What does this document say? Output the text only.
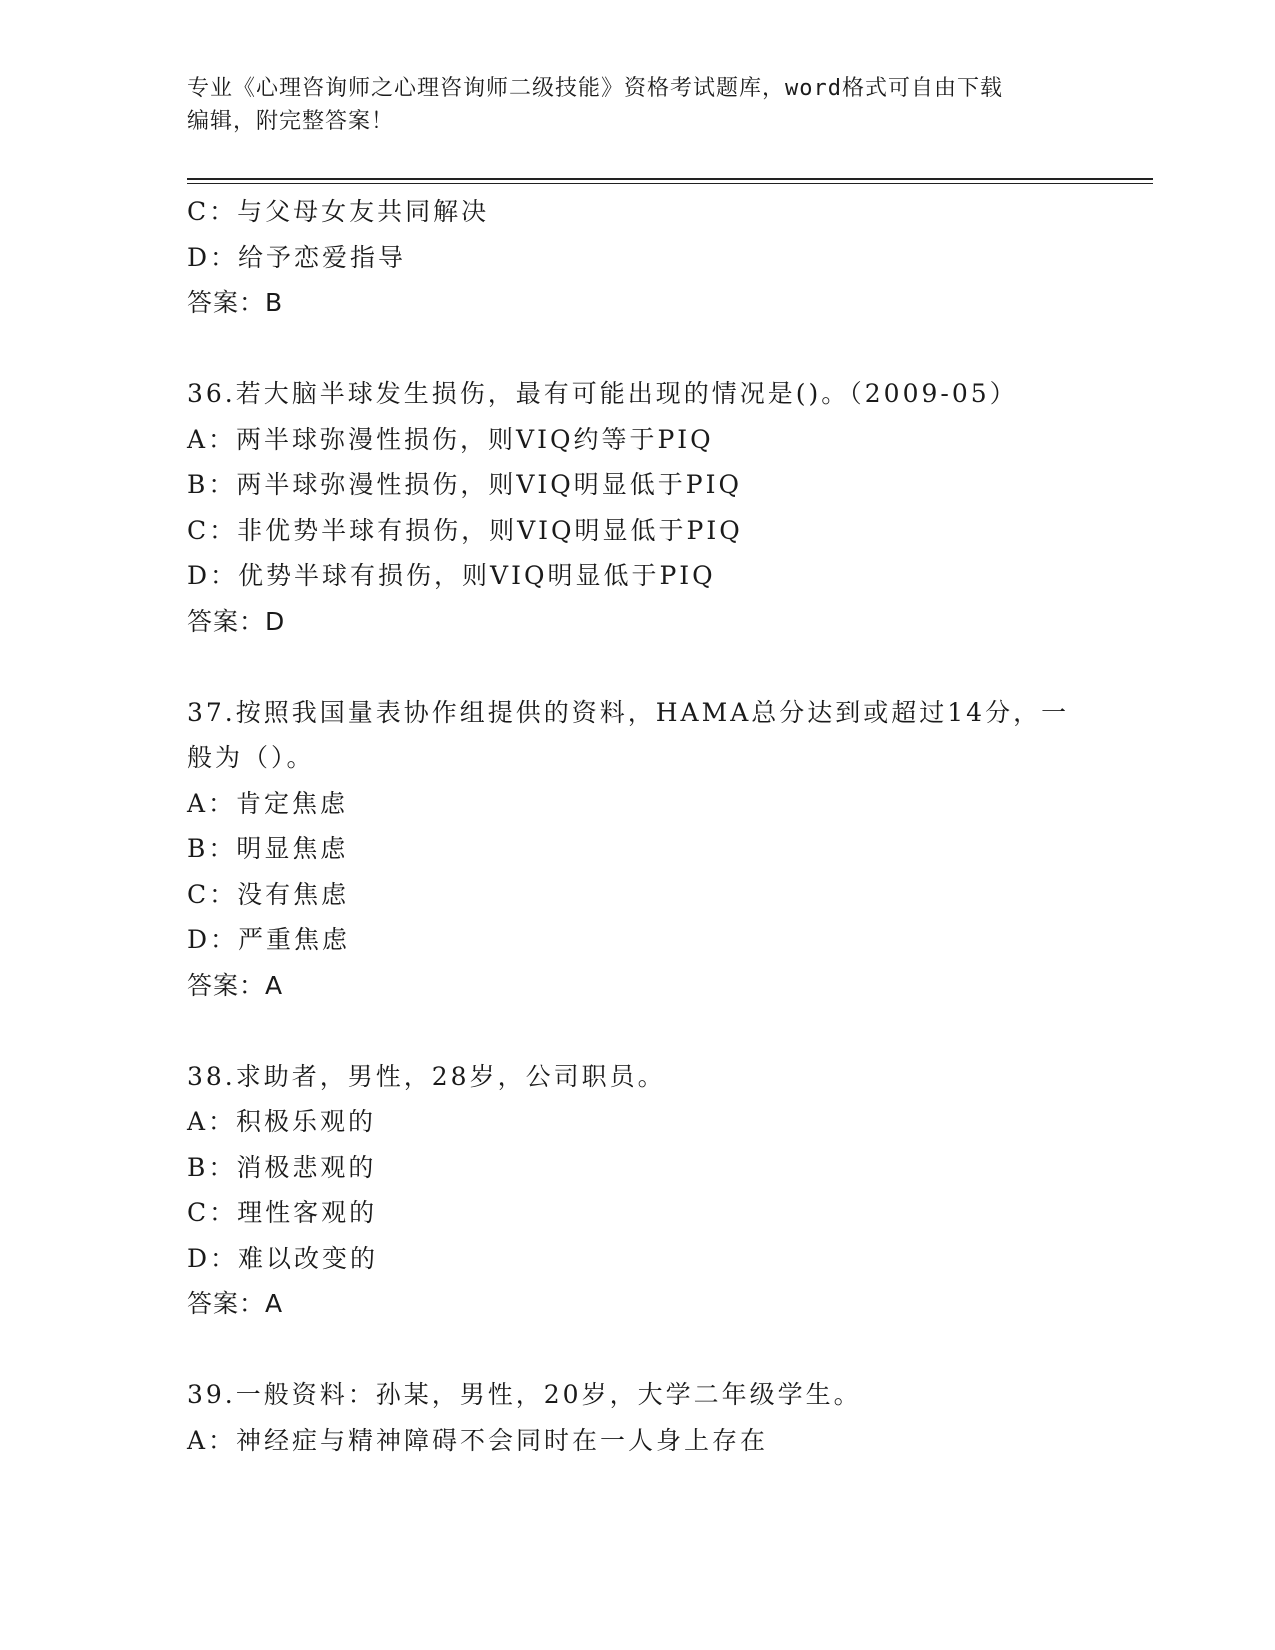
专业《心理咨询师之心理咨询师二级技能》资格考试题库，word格式可自由下载
编辑，附完整答案！
C：与父母女友共同解决
D：给予恋爱指导
答案：B
36.若大脑半球发生损伤，最有可能出现的情况是()。（2009-05）
A：两半球弥漫性损伤，则VIQ约等于PIQ
B：两半球弥漫性损伤，则VIQ明显低于PIQ
C：非优势半球有损伤，则VIQ明显低于PIQ
D：优势半球有损伤，则VIQ明显低于PIQ
答案：D
37.按照我国量表协作组提供的资料，HAMA总分达到或超过14分，一
般为（）。
A：肯定焦虑
B：明显焦虑
C：没有焦虑
D：严重焦虑
答案：A
38.求助者，男性，28岁，公司职员。
A：积极乐观的
B：消极悲观的
C：理性客观的
D：难以改变的
答案：A
39.一般资料：孙某，男性，20岁，大学二年级学生。
A：神经症与精神障碍不会同时在一人身上存在
